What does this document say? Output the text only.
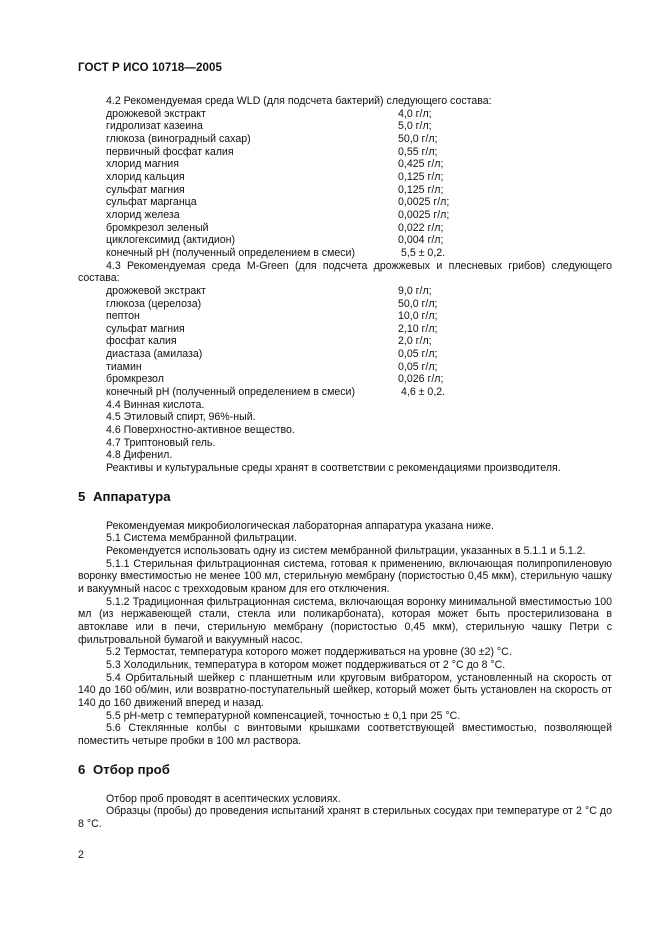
ГОСТ Р ИСО 10718—2005

4.2 Рекомендуемая среда WLD (для подсчета бактерий) следующего состава:

дрожжевой экстракт	4,0 г/л;
гидролизат казеина	5,0 г/л;
глюкоза (виноградный сахар)	50,0 г/л;
первичный фосфат калия	0,55 г/л;
хлорид магния	0,425 г/л;
хлорид кальция	0,125 г/л;
сульфат магния	0,125 г/л;
сульфат марганца	0,0025 г/л;
хлорид железа	0,0025 г/л;
бромкрезол зеленый	0,022 г/л;
циклогексимид (актидион)	0,004 г/л;
конечный pH (полученный определением в смеси)	5,5 ± 0,2.

4.3 Рекомендуемая среда M-Green (для подсчета дрожжевых и плесневых грибов) следующего состава:

дрожжевой экстракт	9,0 г/л;
глюкоза (церелоза)	50,0 г/л;
пептон	10,0 г/л;
сульфат магния	2,10 г/л;
фосфат калия	2,0 г/л;
диастаза (амилаза)	0,05 г/л;
тиамин	0,05 г/л;
бромкрезол	0,026 г/л;
конечный pH (полученный определением в смеси)	4,6 ± 0,2.

4.4 Винная кислота.

4.5 Этиловый спирт, 96%-ный.

4.6 Поверхностно-активное вещество.

4.7 Триптоновый гель.

4.8 Дифенил.

Реактивы и культуральные среды хранят в соответствии с рекомендациями производителя.

5 Аппаратура

Рекомендуемая микробиологическая лабораторная аппаратура указана ниже.

5.1 Система мембранной фильтрации.

Рекомендуется использовать одну из систем мембранной фильтрации, указанных в 5.1.1 и 5.1.2.

5.1.1 Стерильная фильтрационная система, готовая к применению, включающая полипропиленовую воронку вместимостью не менее 100 мл, стерильную мембрану (пористостью 0,45 мкм), стерильную чашку и вакуумный насос с трехходовым краном для его отключения.

5.1.2 Традиционная фильтрационная система, включающая воронку минимальной вместимостью 100 мл (из нержавеющей стали, стекла или поликарбоната), которая может быть простерилизована в автоклаве или в печи, стерильную мембрану (пористостью 0,45 мкм), стерильную чашку Петри с фильтровальной бумагой и вакуумный насос.

5.2 Термостат, температура которого может поддерживаться на уровне (30 ±2) °С.

5.3 Холодильник, температура в котором может поддерживаться от 2 °С до 8 °С.

5.4 Орбитальный шейкер с планшетным или круговым вибратором, установленный на скорость от 140 до 160 об/мин, или возвратно-поступательный шейкер, который может быть установлен на скорость от 140 до 160 движений вперед и назад.

5.5 pH-метр с температурной компенсацией, точностью ± 0,1 при 25 °С.

5.6 Стеклянные колбы с винтовыми крышками соответствующей вместимостью, позволяющей поместить четыре пробки в 100 мл раствора.

6 Отбор проб

Отбор проб проводят в асептических условиях.

Образцы (пробы) до проведения испытаний хранят в стерильных сосудах при температуре от 2 °С до 8 °С.

2
